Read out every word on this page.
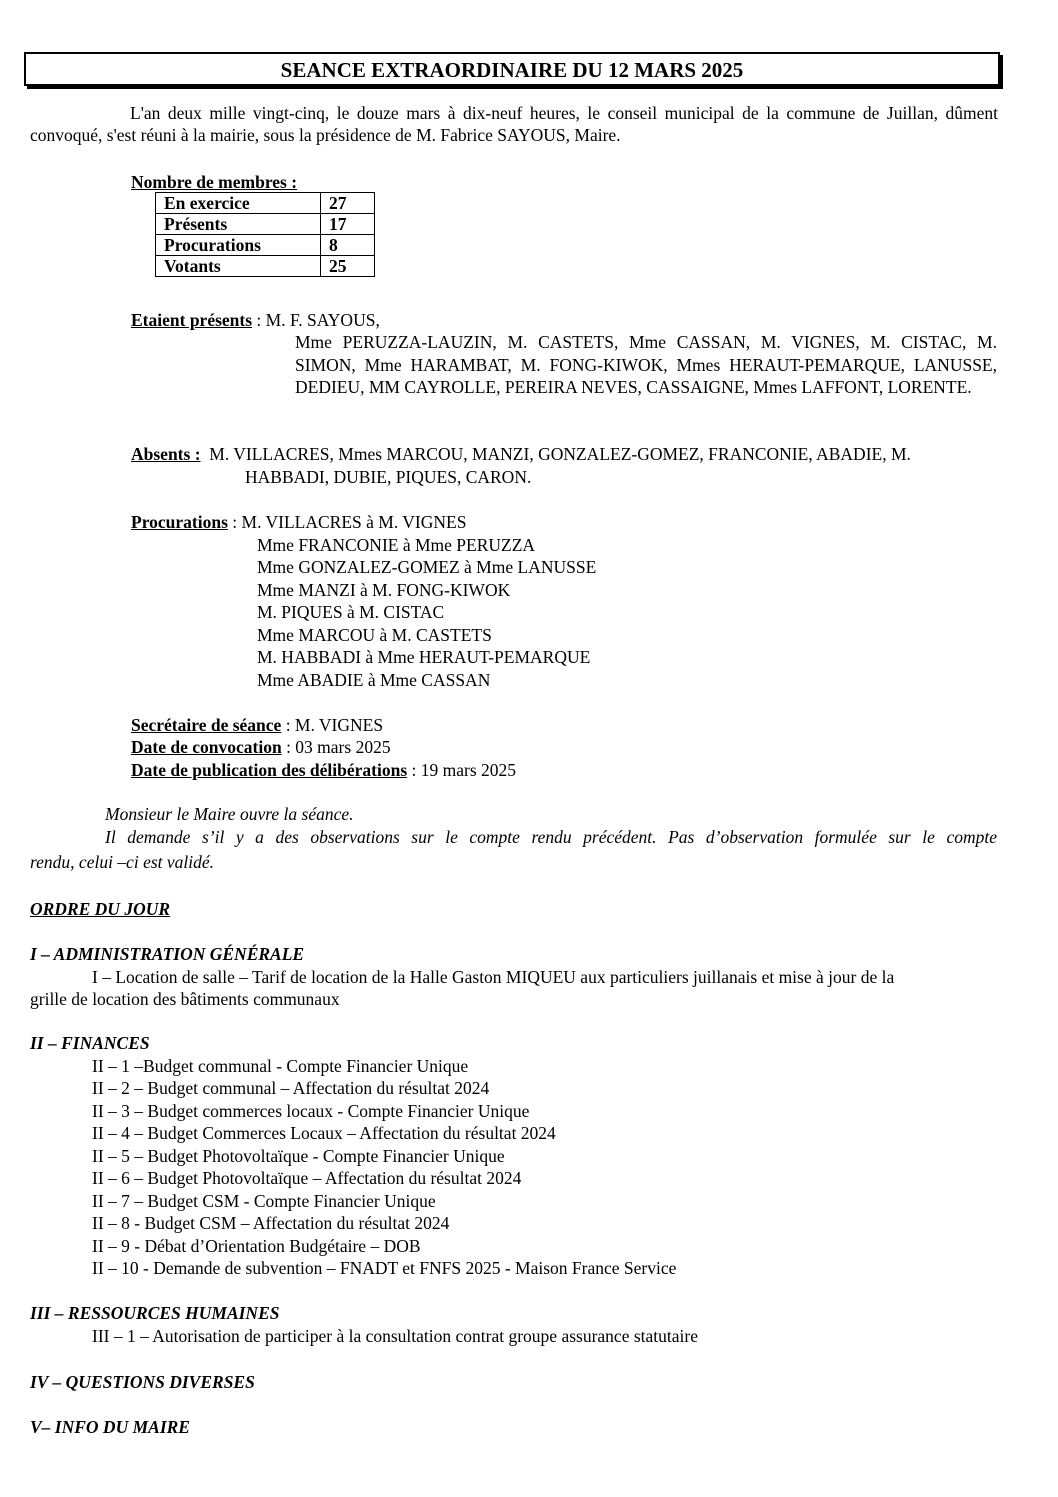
SEANCE EXTRAORDINAIRE DU 12 MARS 2025
L'an deux mille vingt-cinq, le douze mars à dix-neuf heures, le conseil municipal de la commune de Juillan, dûment convoqué, s'est réuni à la mairie, sous la présidence de M. Fabrice SAYOUS, Maire.
Nombre de membres :
En exercice	27
Présents	17
Procurations	8
Votants	25
Etaient présents : M. F. SAYOUS,
Mme PERUZZA-LAUZIN, M. CASTETS, Mme CASSAN, M. VIGNES, M. CISTAC, M. SIMON, Mme HARAMBAT, M. FONG-KIWOK, Mmes HERAUT-PEMARQUE, LANUSSE, DEDIEU, MM CAYROLLE, PEREIRA NEVES, CASSAIGNE, Mmes LAFFONT, LORENTE.
Absents : M. VILLACRES, Mmes MARCOU, MANZI, GONZALEZ-GOMEZ, FRANCONIE, ABADIE, M.
HABBADI, DUBIE, PIQUES, CARON.
Procurations : M. VILLACRES à M. VIGNES
Mme FRANCONIE à Mme PERUZZA
Mme GONZALEZ-GOMEZ à Mme LANUSSE
Mme MANZI à M. FONG-KIWOK
M. PIQUES à M. CISTAC
Mme MARCOU à M. CASTETS
M. HABBADI à Mme HERAUT-PEMARQUE
Mme ABADIE à Mme CASSAN
Secrétaire de séance : M. VIGNES
Date de convocation : 03 mars 2025
Date de publication des délibérations : 19 mars 2025
Monsieur le Maire ouvre la séance.
Il demande s’il y a des observations sur le compte rendu précédent. Pas d’observation formulée sur le compte
rendu, celui –ci est validé.
ORDRE DU JOUR
I – ADMINISTRATION GÉNÉRALE
I – Location de salle – Tarif de location de la Halle Gaston MIQUEU aux particuliers juillanais et mise à jour de la
grille de location des bâtiments communaux
II – FINANCES
II – 1 –Budget communal - Compte Financier Unique
II – 2 – Budget communal – Affectation du résultat 2024
II – 3 – Budget commerces locaux - Compte Financier Unique
II – 4 – Budget Commerces Locaux – Affectation du résultat 2024
II – 5 – Budget Photovoltaïque - Compte Financier Unique
II – 6 – Budget Photovoltaïque – Affectation du résultat 2024
II – 7 – Budget CSM - Compte Financier Unique
II – 8 - Budget CSM – Affectation du résultat 2024
II – 9 - Débat d’Orientation Budgétaire – DOB
II – 10 - Demande de subvention – FNADT et FNFS 2025 - Maison France Service
III – RESSOURCES HUMAINES
III – 1 – Autorisation de participer à la consultation contrat groupe assurance statutaire
IV – QUESTIONS DIVERSES
V– INFO DU MAIRE
